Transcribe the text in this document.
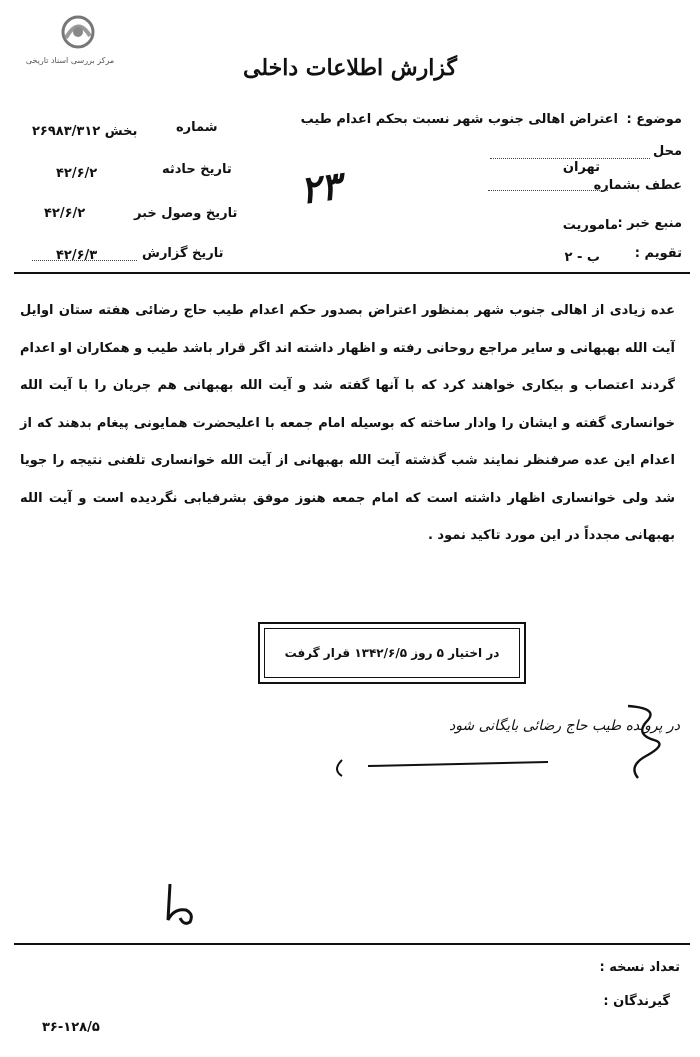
مرکز بررسی اسناد تاریخی	گزارش اطلاعات داخلی
موضوع :
اعتراض اهالی جنوب شهر نسبت بحکم اعدام طیب
محل
تهران
عطف بشماره
منبع خبر :
ماموریت
تقویم :
ب - ۲
۲۳
شماره
۲۶۹۸۳/بخش ۳۱۲
تاریخ حادثه
۴۲/۶/۲
تاریخ وصول خبر
۴۲/۶/۲
تاریخ گزارش
۴۲/۶/۳
عده زیادی از اهالی جنوب شهر بمنظور اعتراض بصدور حکم اعدام طیب حاج رضائی هفته ستان اوایل آیت الله بهبهانی و سایر مراجع روحانی رفته و اظهار داشته اند اگر قرار باشد طیب و همکاران او اعدام گردند اعتصاب و بیکاری خواهند کرد که با آنها گفته شد و آیت الله بهبهانی هم جریان را با آیت الله خوانساری گفته و ایشان را وادار ساخته که بوسیله امام جمعه با اعلیحضرت همایونی پیغام بدهند که از اعدام این عده صرفنظر نمایند شب گذشته آیت الله بهبهانی از آیت الله خوانساری تلفنی نتیجه را جویا شد ولی خوانساری اظهار داشته است که امام جمعه هنوز موفق بشرفیابی نگردیده است و آیت الله بهبهانی مجدداً در این مورد تاکید نمود .
در اختیار ۵ روز ۱۳۴۲/۶/۵ قرار گرفت
در پرونده طیب حاج رضائی بایگانی شود
تعداد نسخه :
گیرندگان :
۳۶-۱۲۸/۵
